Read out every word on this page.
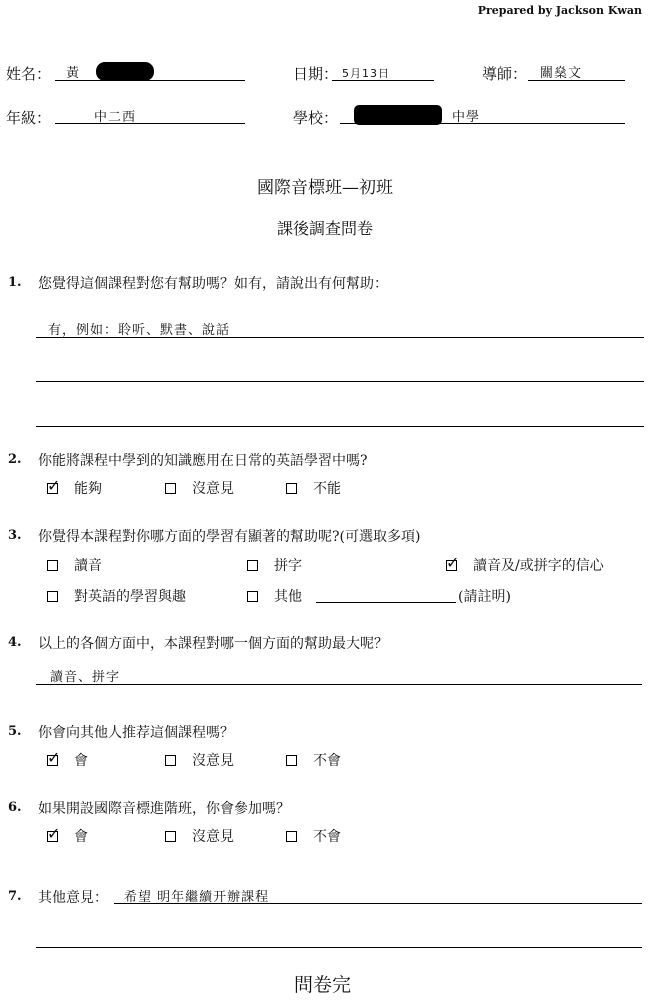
Prepared by Jackson Kwan
姓名： 黃	日期： 5月13日	導師： 關燊文
年級：	中二西	學校：	中學
國際音標班—初班
課後調查問卷
1. 您覺得這個課程對您有幫助嗎？如有，請說出有何幫助：
有，例如：聆听、默書、說話
2. 你能將課程中學到的知識應用在日常的英語學習中嗎?
✓
能夠	沒意見	不能
3. 你覺得本課程對你哪方面的學習有顯著的幫助呢?(可選取多項)
讀音	拼字
✓	讀音及/或拼字的信心
對英語的學習與趣	其他	(請註明)
4. 以上的各個方面中，本課程對哪一個方面的幫助最大呢？
讀音、拼字
5. 你會向其他人推荐這個課程嗎？
✓
會	沒意見	不會
6. 如果開設國際音標進階班，你會參加嗎？
✓
會	沒意見	不會
7. 其他意見： 希望 明年繼續开辦課程
問卷完
